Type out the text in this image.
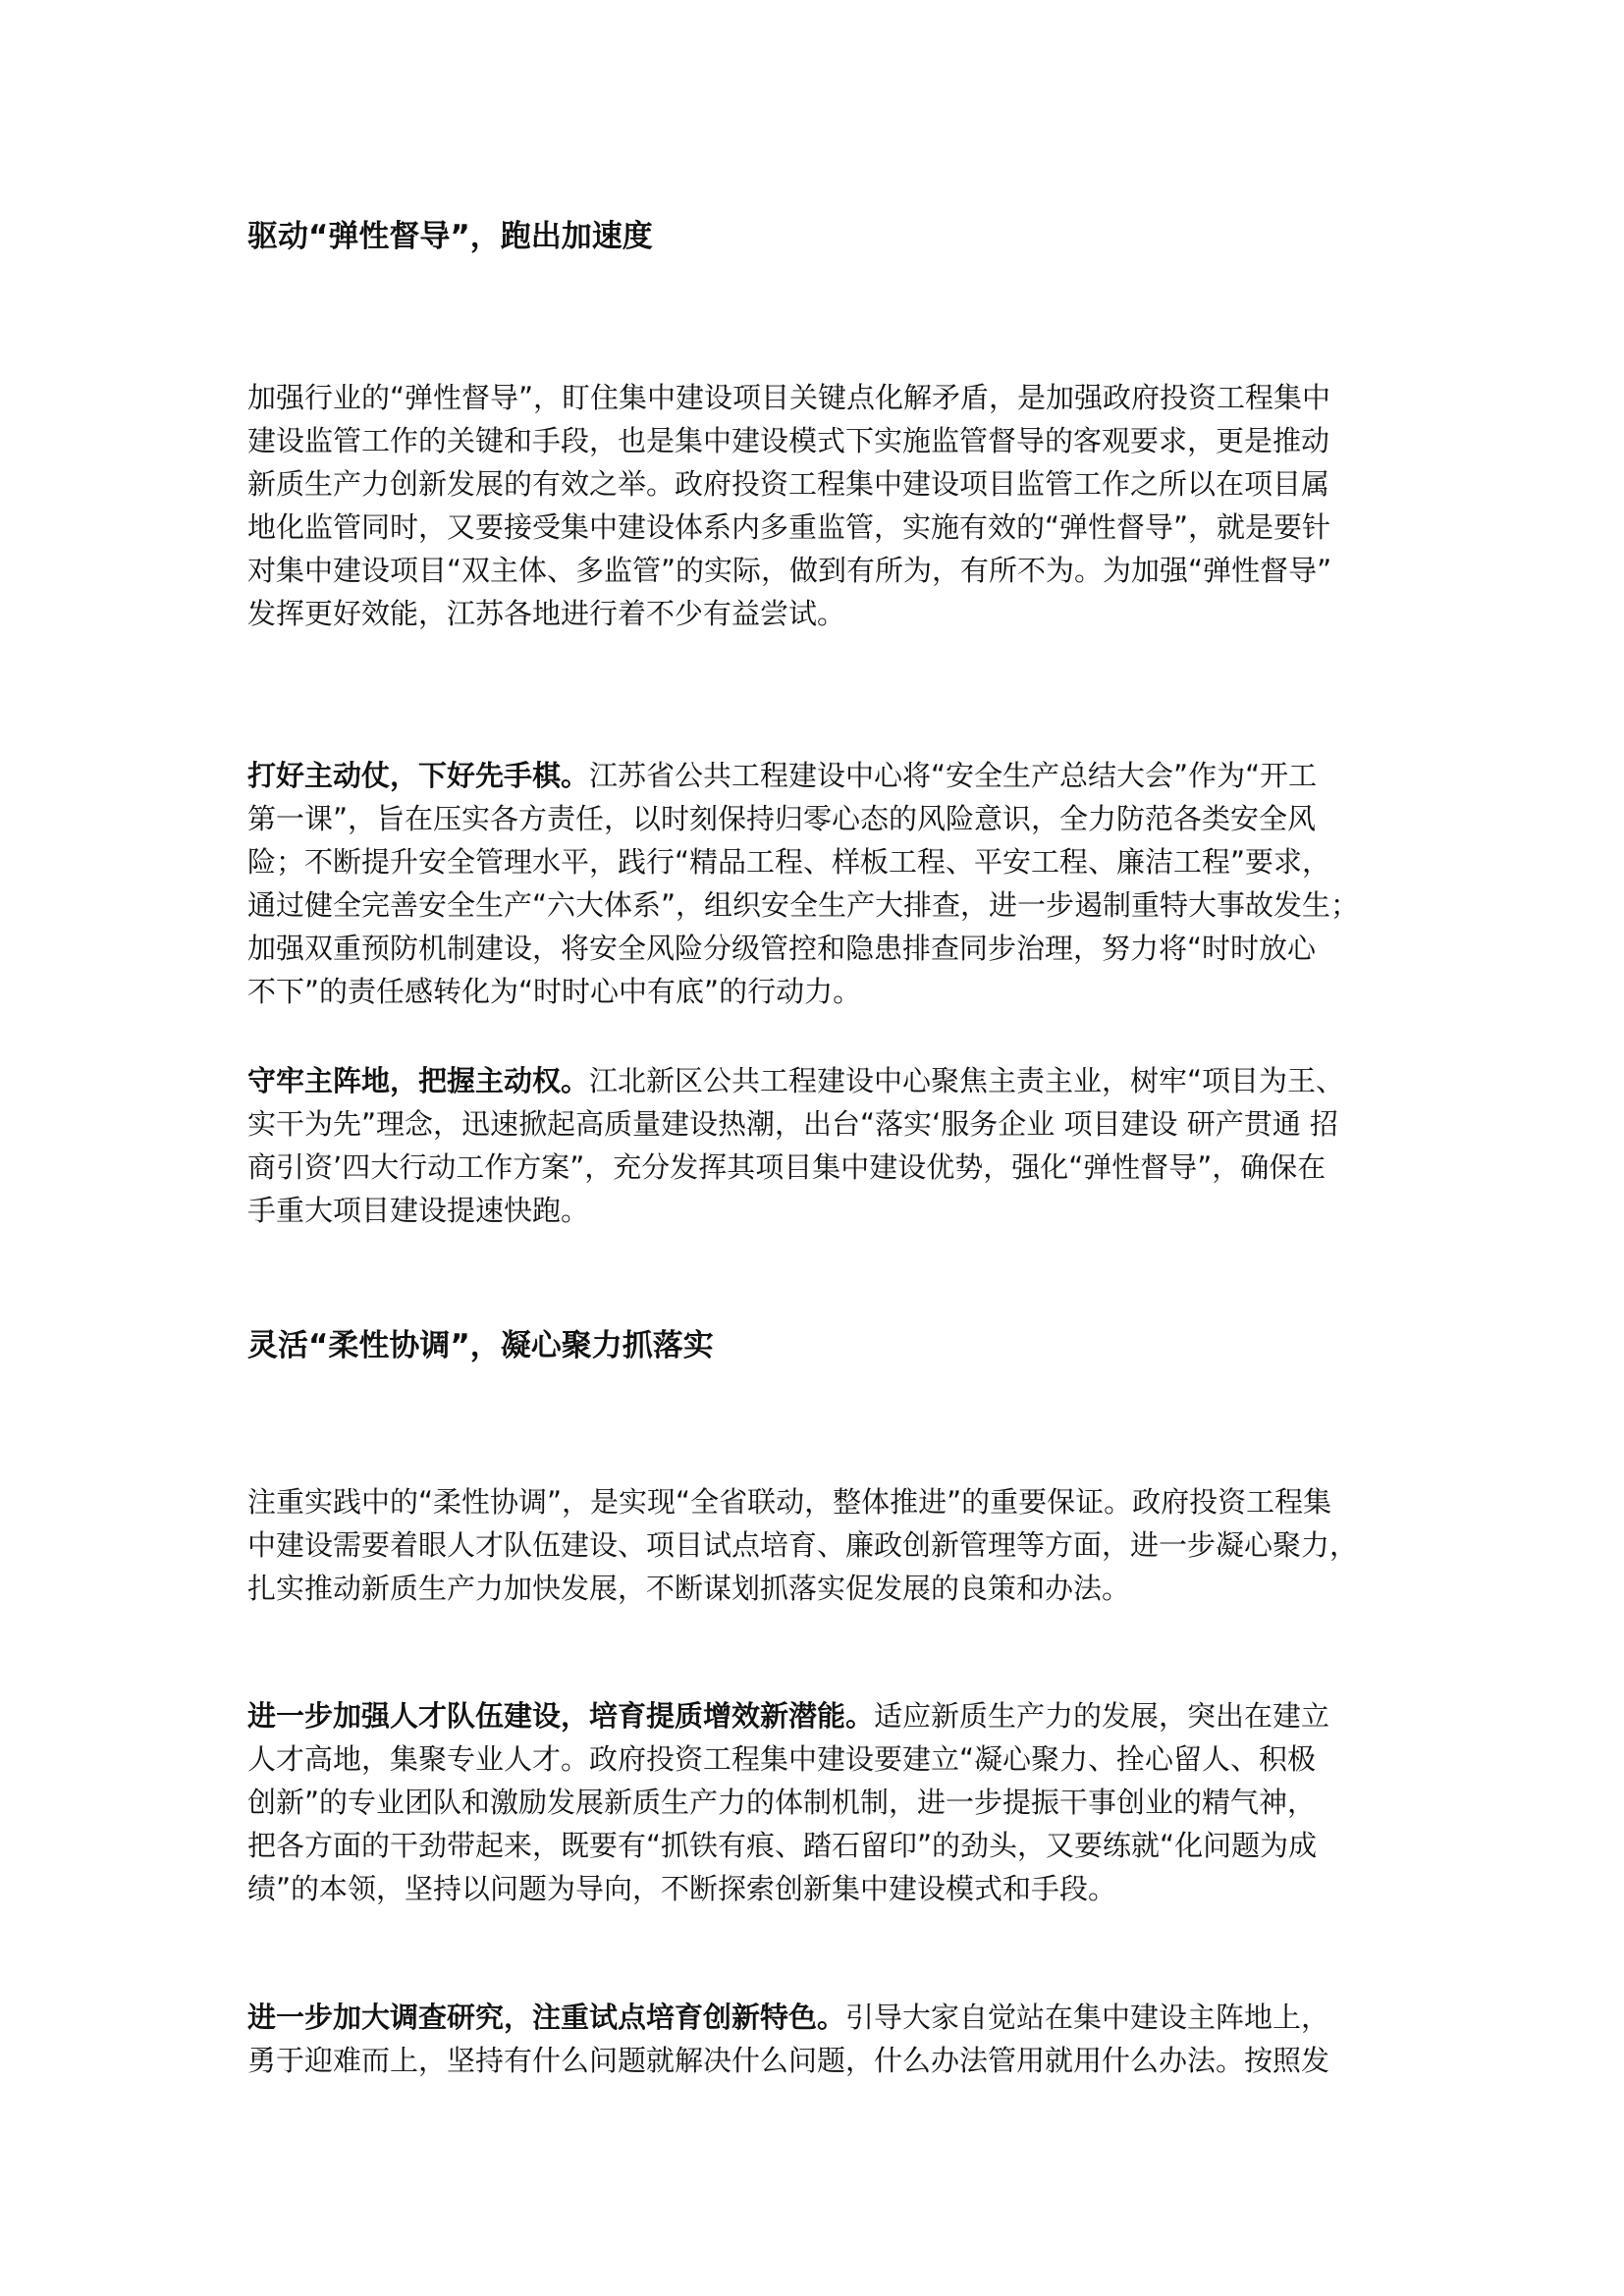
驱动“弹性督导”，跑出加速度
加强行业的“弹性督导”，盯住集中建设项目关键点化解矛盾，是加强政府投资工程集中
建设监管工作的关键和手段，也是集中建设模式下实施监管督导的客观要求，更是推动
新质生产力创新发展的有效之举。政府投资工程集中建设项目监管工作之所以在项目属
地化监管同时，又要接受集中建设体系内多重监管，实施有效的“弹性督导”，就是要针
对集中建设项目“双主体、多监管”的实际，做到有所为，有所不为。为加强“弹性督导”
发挥更好效能，江苏各地进行着不少有益尝试。
打好主动仗，下好先手棋。江苏省公共工程建设中心将“安全生产总结大会”作为“开工
第一课”，旨在压实各方责任，以时刻保持归零心态的风险意识，全力防范各类安全风
险；不断提升安全管理水平，践行“精品工程、样板工程、平安工程、廉洁工程”要求，
通过健全完善安全生产“六大体系”，组织安全生产大排查，进一步遏制重特大事故发生；
加强双重预防机制建设，将安全风险分级管控和隐患排查同步治理，努力将“时时放心
不下”的责任感转化为“时时心中有底”的行动力。
守牢主阵地，把握主动权。江北新区公共工程建设中心聚焦主责主业，树牢“项目为王、
实干为先”理念，迅速掀起高质量建设热潮，出台“落实‘服务企业 项目建设 研产贯通 招
商引资’四大行动工作方案”，充分发挥其项目集中建设优势，强化“弹性督导”，确保在
手重大项目建设提速快跑。
灵活“柔性协调”，凝心聚力抓落实
注重实践中的“柔性协调”，是实现“全省联动，整体推进”的重要保证。政府投资工程集
中建设需要着眼人才队伍建设、项目试点培育、廉政创新管理等方面，进一步凝心聚力，
扎实推动新质生产力加快发展，不断谋划抓落实促发展的良策和办法。
进一步加强人才队伍建设，培育提质增效新潜能。适应新质生产力的发展，突出在建立
人才高地，集聚专业人才。政府投资工程集中建设要建立“凝心聚力、拴心留人、积极
创新”的专业团队和激励发展新质生产力的体制机制，进一步提振干事创业的精气神，
把各方面的干劲带起来，既要有“抓铁有痕、踏石留印”的劲头，又要练就“化问题为成
绩”的本领，坚持以问题为导向，不断探索创新集中建设模式和手段。
进一步加大调查研究，注重试点培育创新特色。引导大家自觉站在集中建设主阵地上，
勇于迎难而上，坚持有什么问题就解决什么问题，什么办法管用就用什么办法。按照发
